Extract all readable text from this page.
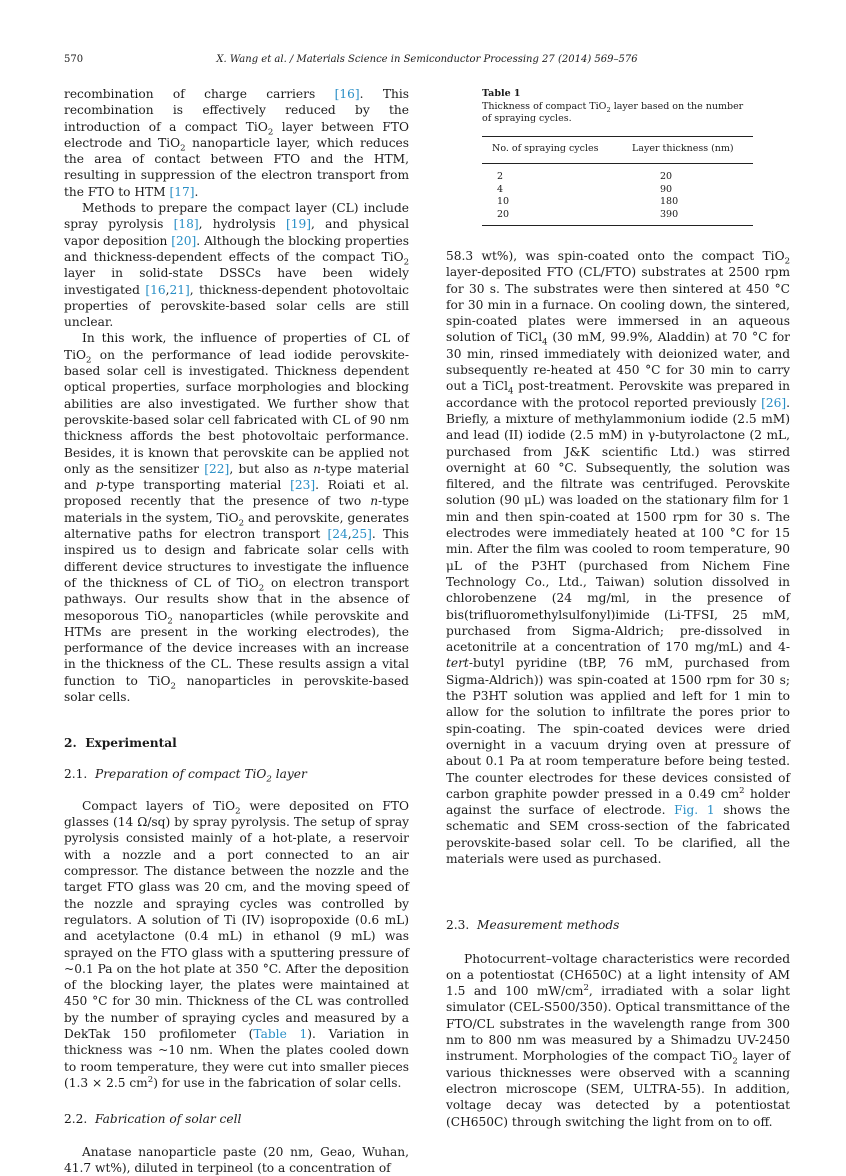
570	X. Wang et al. / Materials Science in Semiconductor Processing 27 (2014) 569–576

recombination of charge carriers [16]. This recombination is effectively reduced by the introduction of a compact TiO$_2$ layer between FTO electrode and TiO$_2$ nanoparticle layer, which reduces the area of contact between FTO and the HTM, resulting in suppression of the electron transport from the FTO to HTM [17].

Methods to prepare the compact layer (CL) include spray pyrolysis [18], hydrolysis [19], and physical vapor deposition [20]. Although the blocking properties and thickness-dependent effects of the compact TiO$_2$ layer in solid-state DSSCs have been widely investigated [16,21], thickness-dependent photovoltaic properties of perovskite-based solar cells are still unclear.

In this work, the influence of properties of CL of TiO$_2$ on the performance of lead iodide perovskite-based solar cell is investigated. Thickness dependent optical properties, surface morphologies and blocking abilities are also investigated. We further show that perovskite-based solar cell fabricated with CL of 90 nm thickness affords the best photovoltaic performance. Besides, it is known that perovskite can be applied not only as the sensitizer [22], but also as n-type material and p-type transporting material [23]. Roiati et al. proposed recently that the presence of two n-type materials in the system, TiO$_2$ and perovskite, generates alternative paths for electron transport [24,25]. This inspired us to design and fabricate solar cells with different device structures to investigate the influence of the thickness of CL of TiO$_2$ on electron transport pathways. Our results show that in the absence of mesoporous TiO$_2$ nanoparticles (while perovskite and HTMs are present in the working electrodes), the performance of the device increases with an increase in the thickness of the CL. These results assign a vital function to TiO$_2$ nanoparticles in perovskite-based solar cells.

2. Experimental

2.1. Preparation of compact TiO$_2$ layer

Compact layers of TiO$_2$ were deposited on FTO glasses (14 Ω/sq) by spray pyrolysis. The setup of spray pyrolysis consisted mainly of a hot-plate, a reservoir with a nozzle and a port connected to an air compressor. The distance between the nozzle and the target FTO glass was 20 cm, and the moving speed of the nozzle and spraying cycles was controlled by regulators. A solution of Ti (IV) isopropoxide (0.6 mL) and acetylactone (0.4 mL) in ethanol (9 mL) was sprayed on the FTO glass with a sputtering pressure of ~0.1 Pa on the hot plate at 350 °C. After the deposition of the blocking layer, the plates were maintained at 450 °C for 30 min. Thickness of the CL was controlled by the number of spraying cycles and measured by a DekTak 150 profilometer (Table 1). Variation in thickness was ~10 nm. When the plates cooled down to room temperature, they were cut into smaller pieces (1.3 × 2.5 $cm^2$) for use in the fabrication of solar cells.

2.2. Fabrication of solar cell

Anatase nanoparticle paste (20 nm, Geao, Wuhan, 41.7 wt%), diluted in terpineol (to a concentration of

Table 1
Thickness of compact TiO$_2$ layer based on the number of spraying cycles.
No. of spraying cycles	Layer thickness (nm)
2	20
4	90
10	180
20	390

58.3 wt%), was spin-coated onto the compact TiO$_2$ layer-deposited FTO (CL/FTO) substrates at 2500 rpm for 30 s. The substrates were then sintered at 450 °C for 30 min in a furnace. On cooling down, the sintered, spin-coated plates were immersed in an aqueous solution of TiCl$_4$ (30 mM, 99.9%, Aladdin) at 70 °C for 30 min, rinsed immediately with deionized water, and subsequently re-heated at 450 °C for 30 min to carry out a TiCl$_4$ post-treatment. Perovskite was prepared in accordance with the protocol reported previously [26]. Briefly, a mixture of methylammonium iodide (2.5 mM) and lead (II) iodide (2.5 mM) in γ-butyrolactone (2 mL, purchased from J&K scientific Ltd.) was stirred overnight at 60 °C. Subsequently, the solution was filtered, and the filtrate was centrifuged. Perovskite solution (90 μL) was loaded on the stationary film for 1 min and then spin-coated at 1500 rpm for 30 s. The electrodes were immediately heated at 100 °C for 15 min. After the film was cooled to room temperature, 90 μL of the P3HT (purchased from Nichem Fine Technology Co., Ltd., Taiwan) solution dissolved in chlorobenzene (24 mg/ml, in the presence of bis(trifluoromethylsulfonyl)imide (Li-TFSI, 25 mM, purchased from Sigma-Aldrich; pre-dissolved in acetonitrile at a concentration of 170 mg/mL) and 4-tert-butyl pyridine (tBP, 76 mM, purchased from Sigma-Aldrich)) was spin-coated at 1500 rpm for 30 s; the P3HT solution was applied and left for 1 min to allow for the solution to infiltrate the pores prior to spin-coating. The spin-coated devices were dried overnight in a vacuum drying oven at pressure of about 0.1 Pa at room temperature before being tested. The counter electrodes for these devices consisted of carbon graphite powder pressed in a 0.49 $cm^2$ holder against the surface of electrode. Fig. 1 shows the schematic and SEM cross-section of the fabricated perovskite-based solar cell. To be clarified, all the materials were used as purchased.

2.3. Measurement methods

Photocurrent–voltage characteristics were recorded on a potentiostat (CH650C) at a light intensity of AM 1.5 and 100 $mW/cm^2$, irradiated with a solar light simulator (CEL-S500/350). Optical transmittance of the FTO/CL substrates in the wavelength range from 300 nm to 800 nm was measured by a Shimadzu UV-2450 instrument. Morphologies of the compact TiO$_2$ layer of various thicknesses were observed with a scanning electron microscope (SEM, ULTRA-55). In addition, voltage decay was detected by a potentiostat (CH650C) through switching the light from on to off.
